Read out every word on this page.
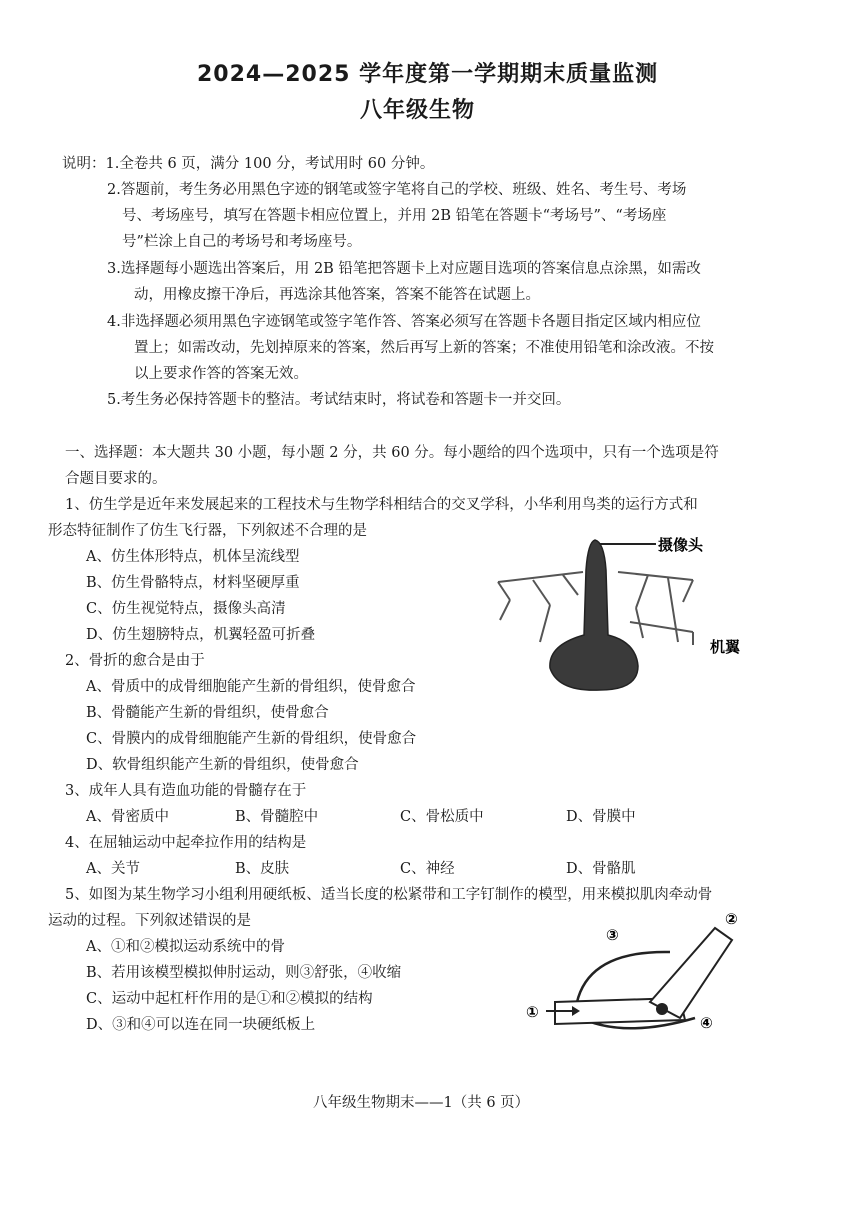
2024—2025 学年度第一学期期末质量监测
八年级生物
说明：1.全卷共 6 页，满分 100 分，考试用时 60 分钟。
2.答题前，考生务必用黑色字迹的钢笔或签字笔将自己的学校、班级、姓名、考生号、考场
号、考场座号，填写在答题卡相应位置上，并用 2B 铅笔在答题卡“考场号”、“考场座
号”栏涂上自己的考场号和考场座号。
3.选择题每小题选出答案后，用 2B 铅笔把答题卡上对应题目选项的答案信息点涂黑，如需改
动，用橡皮擦干净后，再选涂其他答案，答案不能答在试题上。
4.非选择题必须用黑色字迹钢笔或签字笔作答、答案必须写在答题卡各题目指定区域内相应位
置上；如需改动，先划掉原来的答案，然后再写上新的答案；不准使用铅笔和涂改液。不按
以上要求作答的答案无效。
5.考生务必保持答题卡的整洁。考试结束时，将试卷和答题卡一并交回。
一、选择题：本大题共 30 小题，每小题 2 分，共 60 分。每小题给的四个选项中，只有一个选项是符
合题目要求的。
1、仿生学是近年来发展起来的工程技术与生物学科相结合的交叉学科，小华利用鸟类的运行方式和
形态特征制作了仿生飞行器，下列叙述不合理的是
A、仿生体形特点，机体呈流线型
B、仿生骨骼特点，材料坚硬厚重
C、仿生视觉特点，摄像头高清
D、仿生翅膀特点，机翼轻盈可折叠
摄像头
机翼
2、骨折的愈合是由于
A、骨质中的成骨细胞能产生新的骨组织，使骨愈合
B、骨髓能产生新的骨组织，使骨愈合
C、骨膜内的成骨细胞能产生新的骨组织，使骨愈合
D、软骨组织能产生新的骨组织，使骨愈合
3、成年人具有造血功能的骨髓存在于
A、骨密质中	B、骨髓腔中	C、骨松质中	D、骨膜中
4、在屈轴运动中起牵拉作用的结构是
A、关节	B、皮肤	C、神经	D、骨骼肌
5、如图为某生物学习小组利用硬纸板、适当长度的松紧带和工字钉制作的模型，用来模拟肌肉牵动骨
运动的过程。下列叙述错误的是
A、①和②模拟运动系统中的骨
B、若用该模型模拟伸肘运动，则③舒张，④收缩
C、运动中起杠杆作用的是①和②模拟的结构
D、③和④可以连在同一块硬纸板上
①
②
③
④
八年级生物期末——1（共 6 页）
